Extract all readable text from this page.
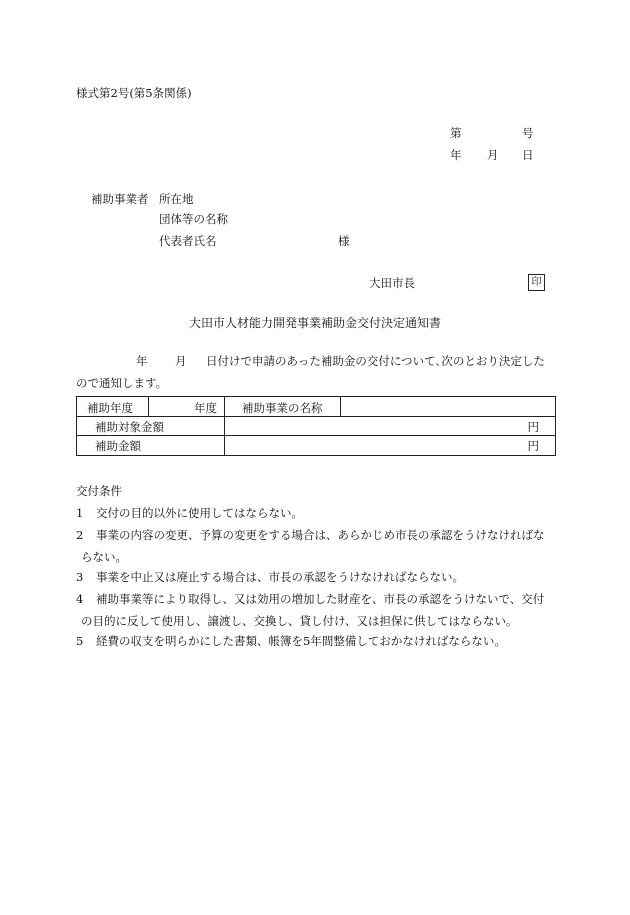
様式第2号(第5条関係)
第	号
年 月 日
補助事業者 所在地
団体等の名称
代表者氏名	様
大田市長	印
大田市人材能力開発事業補助金交付決定通知書
年 月 日付けで申請のあった補助金の交付について､次のとおり決定した
ので通知します。
補助年度	年度 補助事業の名称
補助対象金額	円
補助金額	円
交付条件
1 交付の目的以外に使用してはならない。
2 事業の内容の変更、予算の変更をする場合は、あらかじめ市長の承認をうけなければな
らない。
3 事業を中止又は廃止する場合は、市長の承認をうけなければならない。
4 補助事業等により取得し、又は効用の増加した財産を、市長の承認をうけないで、交付
の目的に反して使用し、譲渡し、交換し、貸し付け、又は担保に供してはならない。
5 経費の収支を明らかにした書類、帳簿を5年間整備しておかなければならない。
